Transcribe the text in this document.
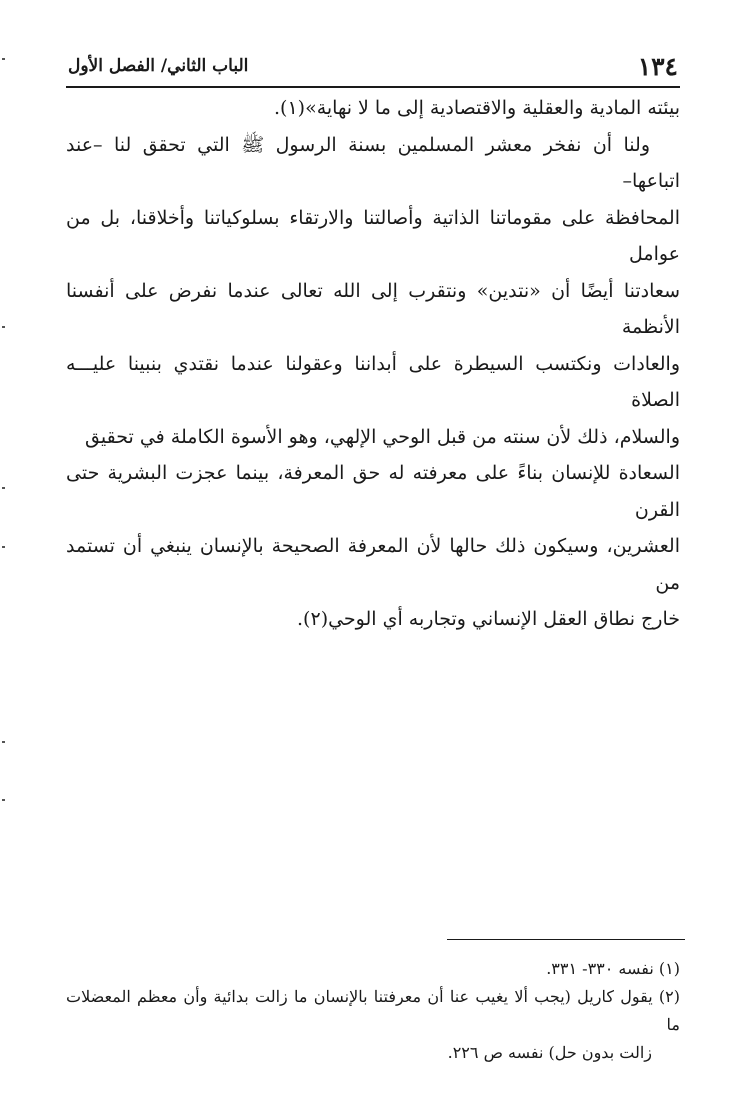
١٣٤
الباب الثاني/ الفصل الأول

بيئته المادية والعقلية والاقتصادية إلى ما لا نهاية»(١).

ولنا أن نفخر معشر المسلمين بسنة الرسول ﷺ التي تحقق لنا –عند اتباعها–

المحافظة على مقوماتنا الذاتية وأصالتنا والارتقاء بسلوكياتنا وأخلاقنا، بل من عوامل

سعادتنا أيضًا أن «نتدين» ونتقرب إلى الله تعالى عندما نفرض على أنفسنا الأنظمة

والعادات ونكتسب السيطرة على أبداننا وعقولنا عندما نقتدي بنبينا عليـــه الصلاة

والسلام، ذلك لأن سنته من قبل الوحي الإلهي، وهو الأسوة الكاملة في تحقيق

السعادة للإنسان بناءً على معرفته له حق المعرفة، بينما عجزت البشرية حتى القرن

العشرين، وسيكون ذلك حالها لأن المعرفة الصحيحة بالإنسان ينبغي أن تستمد من

خارج نطاق العقل الإنساني وتجاربه أي الوحي(٢).

(١) نفسه ٣٣٠- ٣٣١.

(٢) يقول كاريل (يجب ألا يغيب عنا أن معرفتنا بالإنسان ما زالت بدائية وأن معظم المعضلات ما

زالت بدون حل) نفسه ص ٢٢٦.
